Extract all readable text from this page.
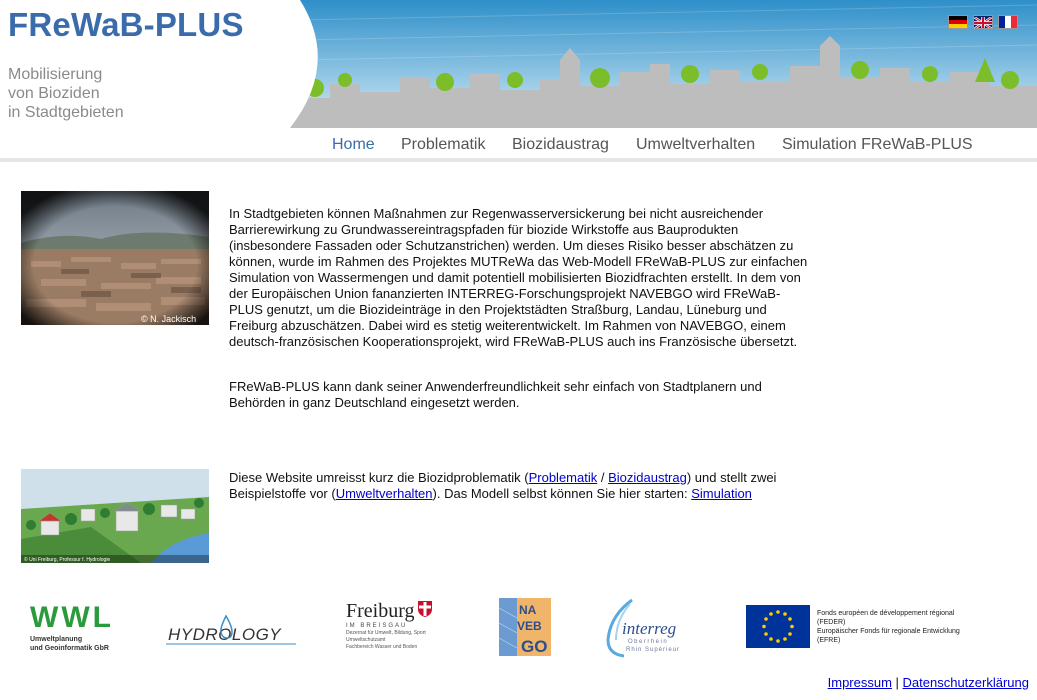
FReWaB-PLUS
Mobilisierung
von Bioziden
in Stadtgebieten
Home Problematik Biozidaustrag Umweltverhalten Simulation FReWaB-PLUS
© N. Jackisch
In Stadtgebieten können Maßnahmen zur Regenwasserversickerung bei nicht ausreichender Barrierewirkung zu Grundwassereintragspfaden für biozide Wirkstoffe aus Bauprodukten (insbesondere Fassaden oder Schutzanstrichen) werden. Um dieses Risiko besser abschätzen zu können, wurde im Rahmen des Projektes MUTReWa das Web-Modell FReWaB-PLUS zur einfachen Simulation von Wassermengen und damit potentiell mobilisierten Biozidfrachten erstellt. In dem von der Europäischen Union fananzierten INTERREG-Forschungsprojekt NAVEBGO wird FReWaB-PLUS genutzt, um die Biozideinträge in den Projektstädten Straßburg, Landau, Lüneburg und Freiburg abzuschätzen. Dabei wird es stetig weiterentwickelt. Im Rahmen von NAVEBGO, einem deutsch-französischen Kooperationsprojekt, wird FReWaB-PLUS auch ins Französische übersetzt.
FReWaB-PLUS kann dank seiner Anwenderfreundlichkeit sehr einfach von Stadtplanern und Behörden in ganz Deutschland eingesetzt werden.
© Uni Freiburg, Professur f. Hydrologie
Diese Website umreisst kurz die Biozidproblematik (Problematik / Biozidaustrag) und stellt zwei Beispielstoffe vor (Umweltverhalten). Das Modell selbst können Sie hier starten: Simulation
WWL
Umweltplanung
und Geoinformatik GbR
HYDROLOGY
Freiburg
IM BREISGAU
Dezernat für Umwelt, Bildung, Sport
Umweltschutzamt
Fachbereich Wasser und Boden
NA
VEB
GO
interreg
Oberrhein
Rhin Supérieur
Fonds européen de développement régional
(FEDER)
Europäischer Fonds für regionale Entwicklung
(EFRE)
Impressum | Datenschutzerklärung
